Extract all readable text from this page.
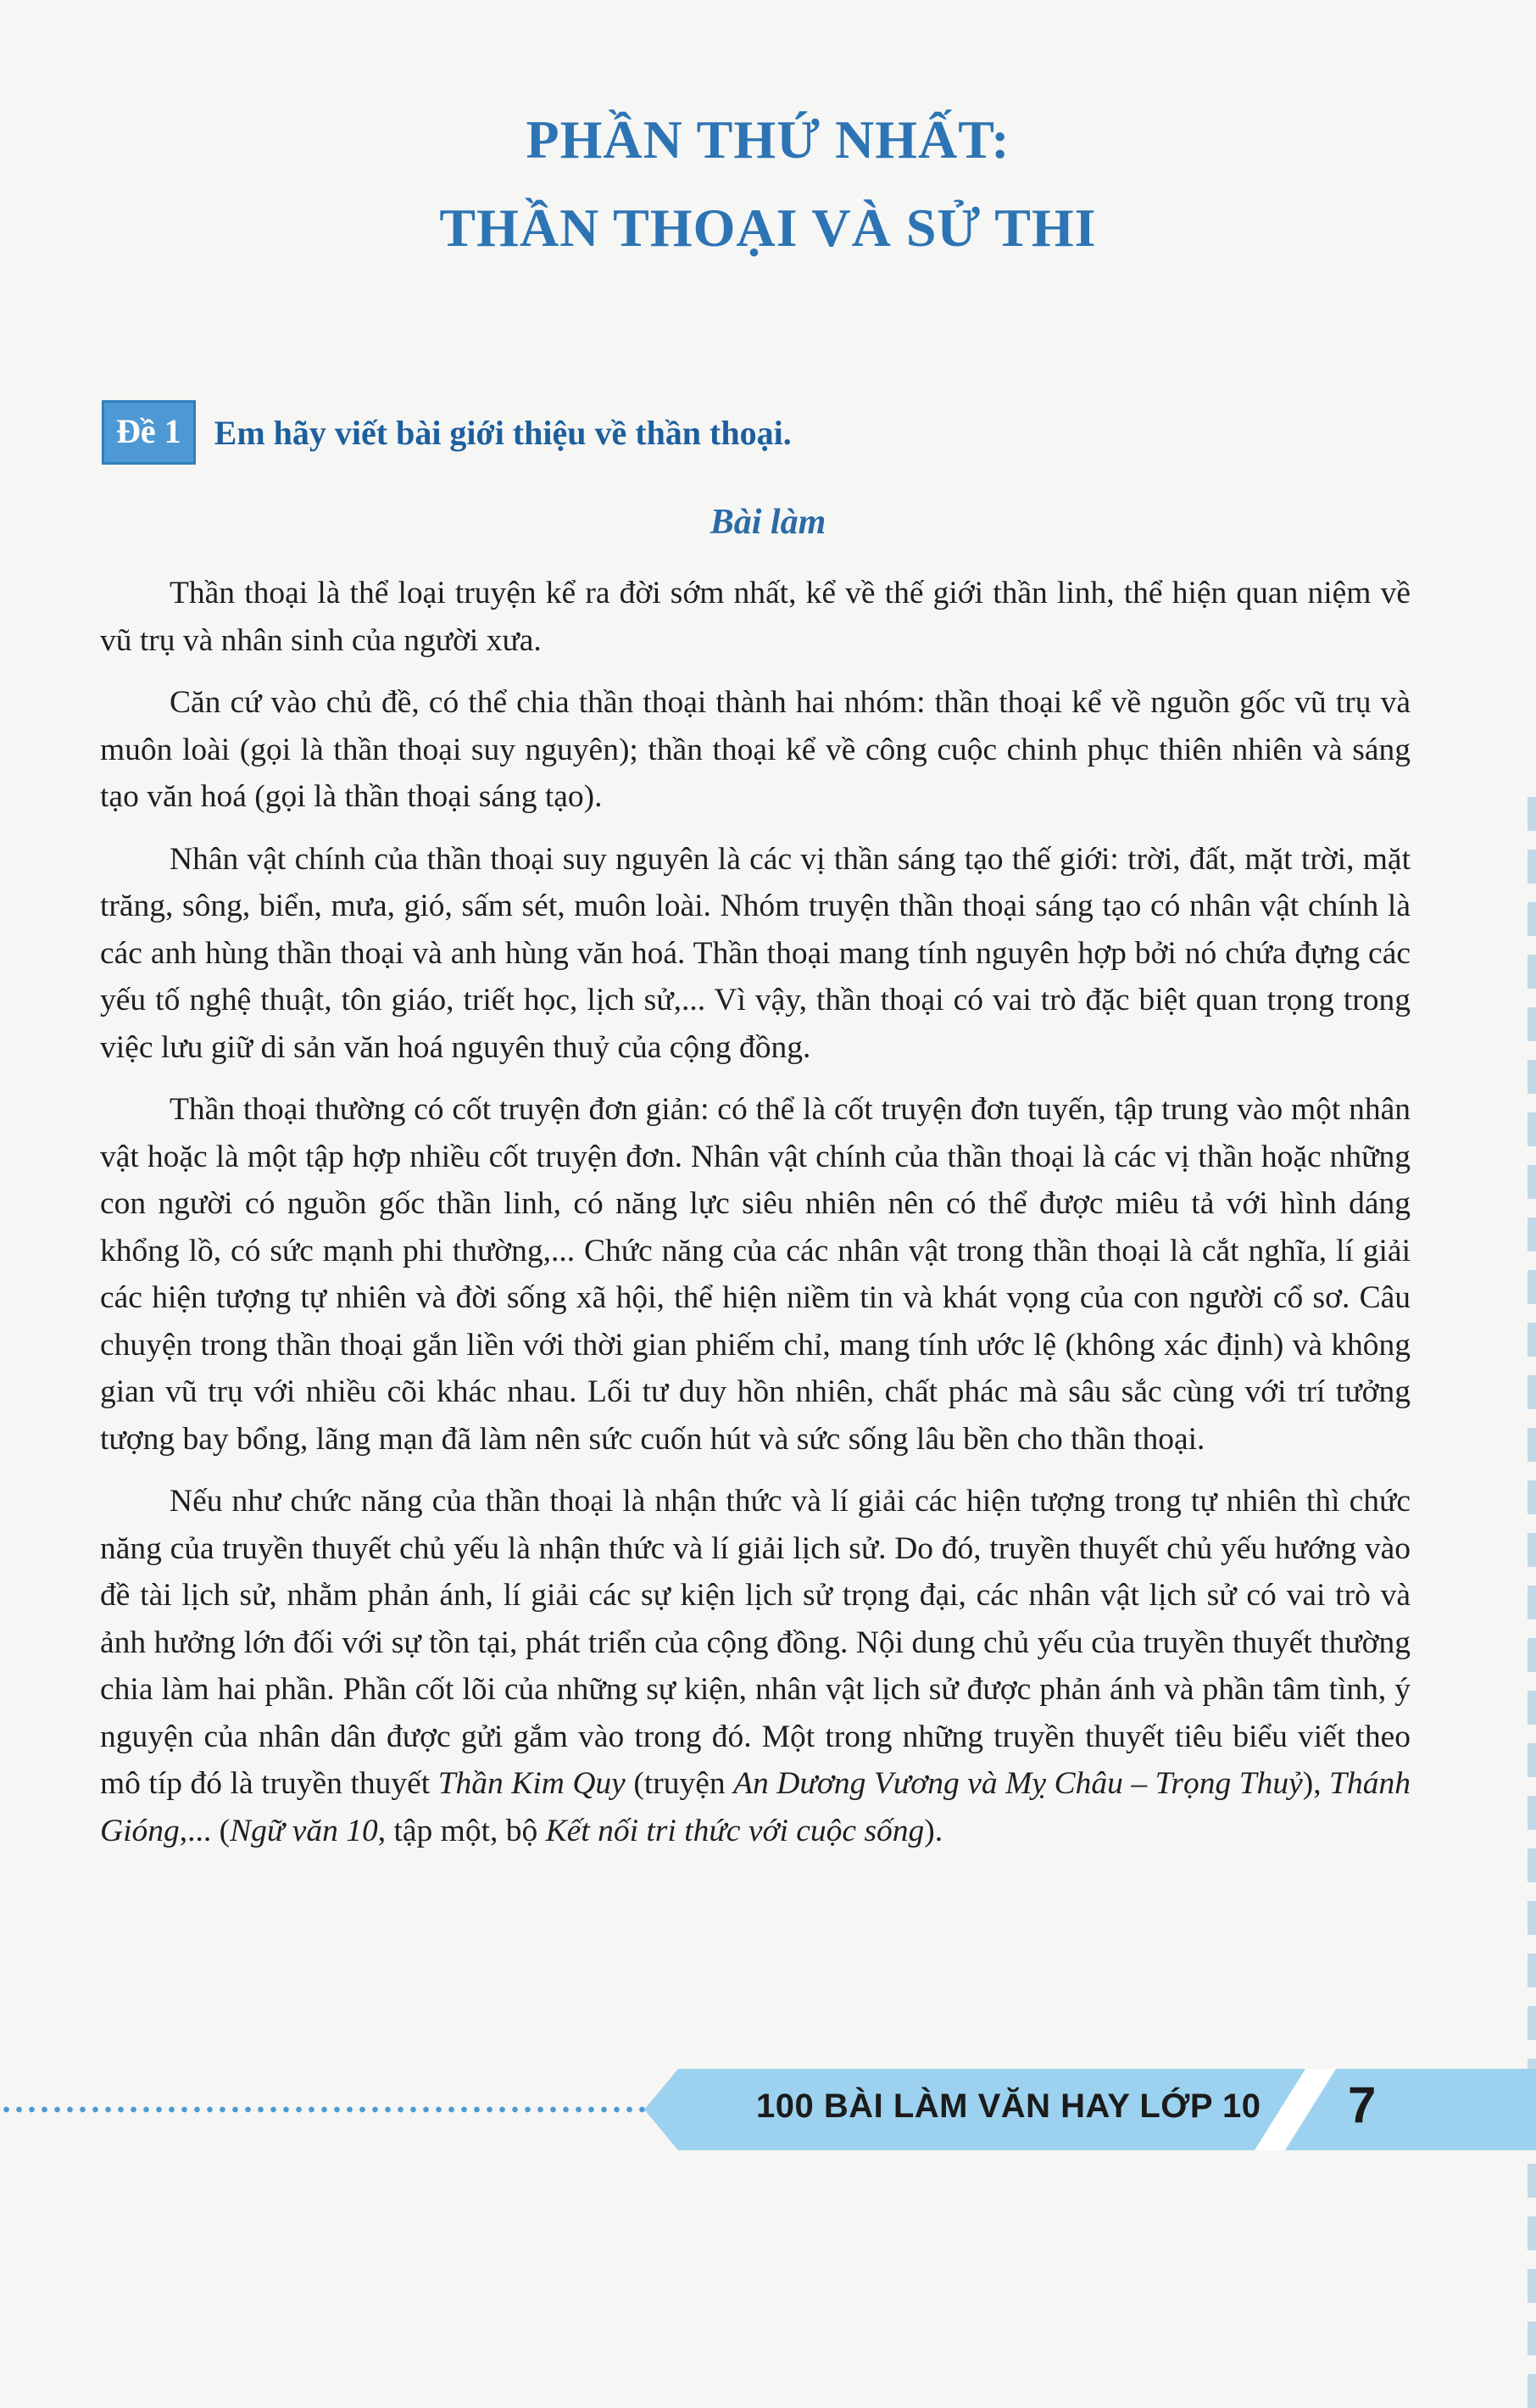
PHẦN THỨ NHẤT:
THẦN THOẠI VÀ SỬ THI
Đề 1 Em hãy viết bài giới thiệu về thần thoại.
Bài làm

Thần thoại là thể loại truyện kể ra đời sớm nhất, kể về thế giới thần linh, thể hiện quan niệm về vũ trụ và nhân sinh của người xưa.

Căn cứ vào chủ đề, có thể chia thần thoại thành hai nhóm: thần thoại kể về nguồn gốc vũ trụ và muôn loài (gọi là thần thoại suy nguyên); thần thoại kể về công cuộc chinh phục thiên nhiên và sáng tạo văn hoá (gọi là thần thoại sáng tạo).

Nhân vật chính của thần thoại suy nguyên là các vị thần sáng tạo thế giới: trời, đất, mặt trời, mặt trăng, sông, biển, mưa, gió, sấm sét, muôn loài. Nhóm truyện thần thoại sáng tạo có nhân vật chính là các anh hùng thần thoại và anh hùng văn hoá. Thần thoại mang tính nguyên hợp bởi nó chứa đựng các yếu tố nghệ thuật, tôn giáo, triết học, lịch sử,... Vì vậy, thần thoại có vai trò đặc biệt quan trọng trong việc lưu giữ di sản văn hoá nguyên thuỷ của cộng đồng.

Thần thoại thường có cốt truyện đơn giản: có thể là cốt truyện đơn tuyến, tập trung vào một nhân vật hoặc là một tập hợp nhiều cốt truyện đơn. Nhân vật chính của thần thoại là các vị thần hoặc những con người có nguồn gốc thần linh, có năng lực siêu nhiên nên có thể được miêu tả với hình dáng khổng lồ, có sức mạnh phi thường,... Chức năng của các nhân vật trong thần thoại là cắt nghĩa, lí giải các hiện tượng tự nhiên và đời sống xã hội, thể hiện niềm tin và khát vọng của con người cổ sơ. Câu chuyện trong thần thoại gắn liền với thời gian phiếm chỉ, mang tính ước lệ (không xác định) và không gian vũ trụ với nhiều cõi khác nhau. Lối tư duy hồn nhiên, chất phác mà sâu sắc cùng với trí tưởng tượng bay bổng, lãng mạn đã làm nên sức cuốn hút và sức sống lâu bền cho thần thoại.

Nếu như chức năng của thần thoại là nhận thức và lí giải các hiện tượng trong tự nhiên thì chức năng của truyền thuyết chủ yếu là nhận thức và lí giải lịch sử. Do đó, truyền thuyết chủ yếu hướng vào đề tài lịch sử, nhằm phản ánh, lí giải các sự kiện lịch sử trọng đại, các nhân vật lịch sử có vai trò và ảnh hưởng lớn đối với sự tồn tại, phát triển của cộng đồng. Nội dung chủ yếu của truyền thuyết thường chia làm hai phần. Phần cốt lõi của những sự kiện, nhân vật lịch sử được phản ánh và phần tâm tình, ý nguyện của nhân dân được gửi gắm vào trong đó. Một trong những truyền thuyết tiêu biểu viết theo mô típ đó là truyền thuyết Thần Kim Quy (truyện An Dương Vương và Mỵ Châu – Trọng Thuỷ), Thánh Gióng,... (Ngữ văn 10, tập một, bộ Kết nối tri thức với cuộc sống).

100 BÀI LÀM VĂN HAY LỚP 10 7
